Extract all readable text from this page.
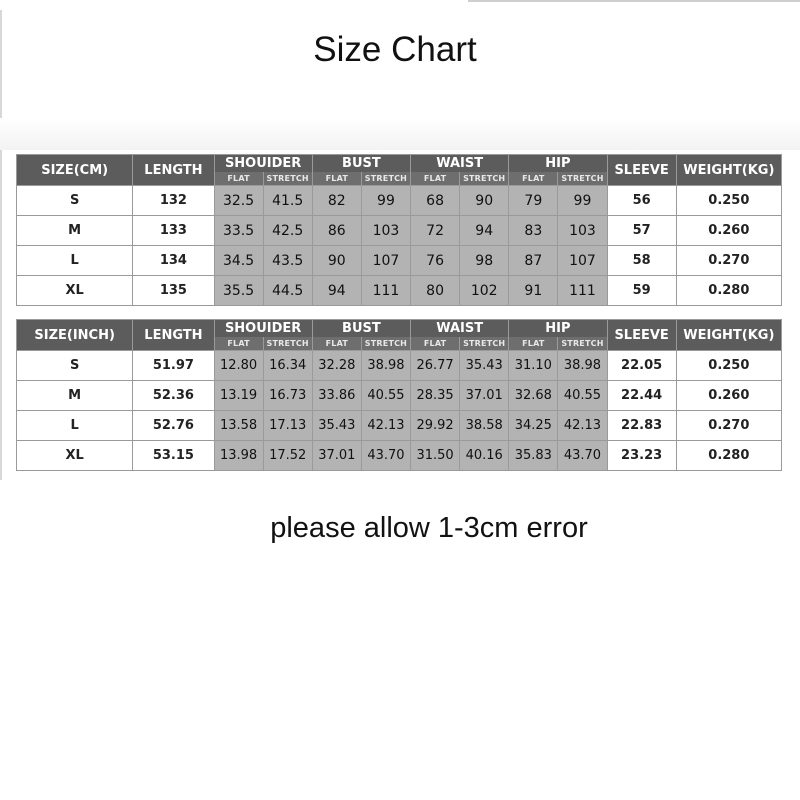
Size Chart
SIZE(CM)	LENGTH	SHOUIDER		BUST		WAIST		HIP		SLEEVE	WEIGHT(KG)
		FLAT	STRETCH	FLAT	STRETCH	FLAT	STRETCH	FLAT	STRETCH		
S	132	32.5	41.5	82	99	68	90	79	99	56	0.250
M	133	33.5	42.5	86	103	72	94	83	103	57	0.260
L	134	34.5	43.5	90	107	76	98	87	107	58	0.270
XL	135	35.5	44.5	94	111	80	102	91	111	59	0.280
SIZE(INCH)	LENGTH	SHOUIDER		BUST		WAIST		HIP		SLEEVE	WEIGHT(KG)
		FLAT	STRETCH	FLAT	STRETCH	FLAT	STRETCH	FLAT	STRETCH		
S	51.97	12.80	16.34	32.28	38.98	26.77	35.43	31.10	38.98	22.05	0.250
M	52.36	13.19	16.73	33.86	40.55	28.35	37.01	32.68	40.55	22.44	0.260
L	52.76	13.58	17.13	35.43	42.13	29.92	38.58	34.25	42.13	22.83	0.270
XL	53.15	13.98	17.52	37.01	43.70	31.50	40.16	35.83	43.70	23.23	0.280
please allow 1-3cm error
